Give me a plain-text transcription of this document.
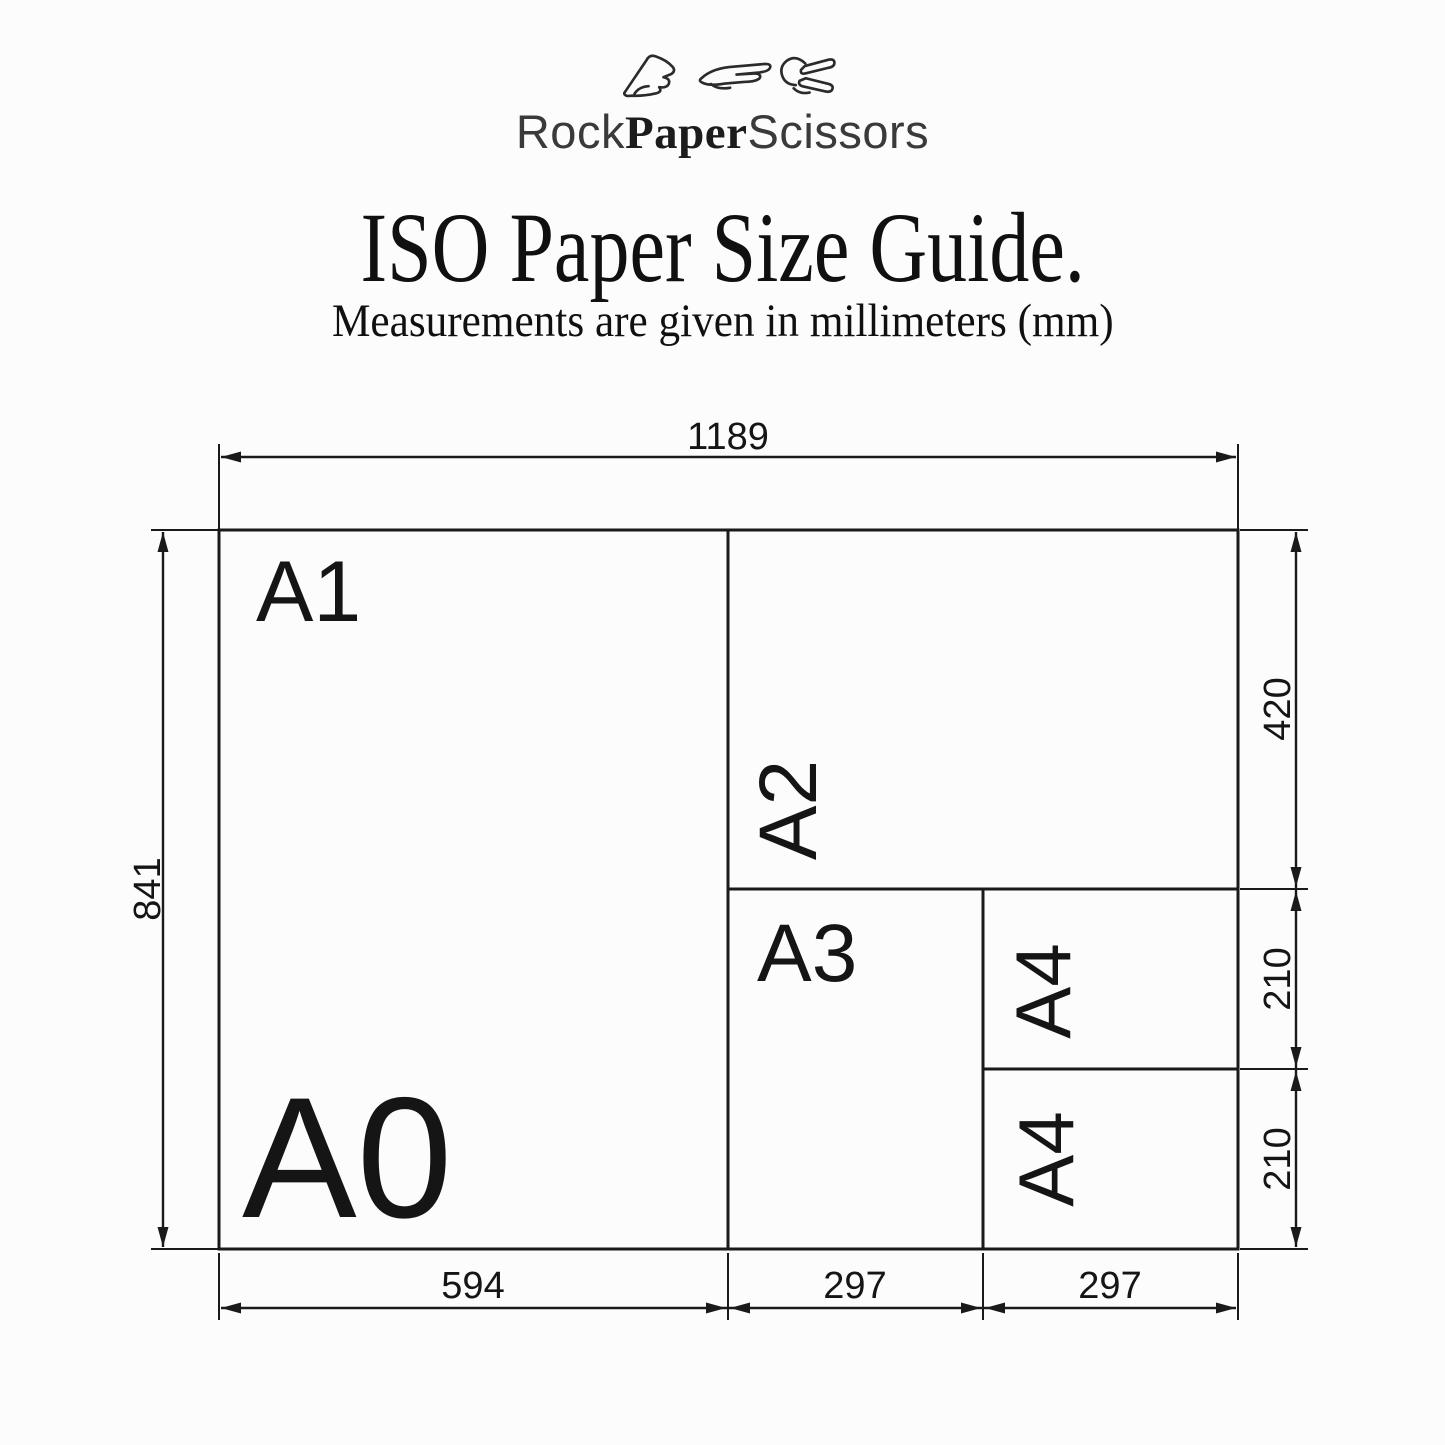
RockPaperScissors
ISO Paper Size Guide.
Measurements are given in millimeters (mm)
A1
A0
A2
A3 A4
A4
1189
841
420
210
210
594	297	297
